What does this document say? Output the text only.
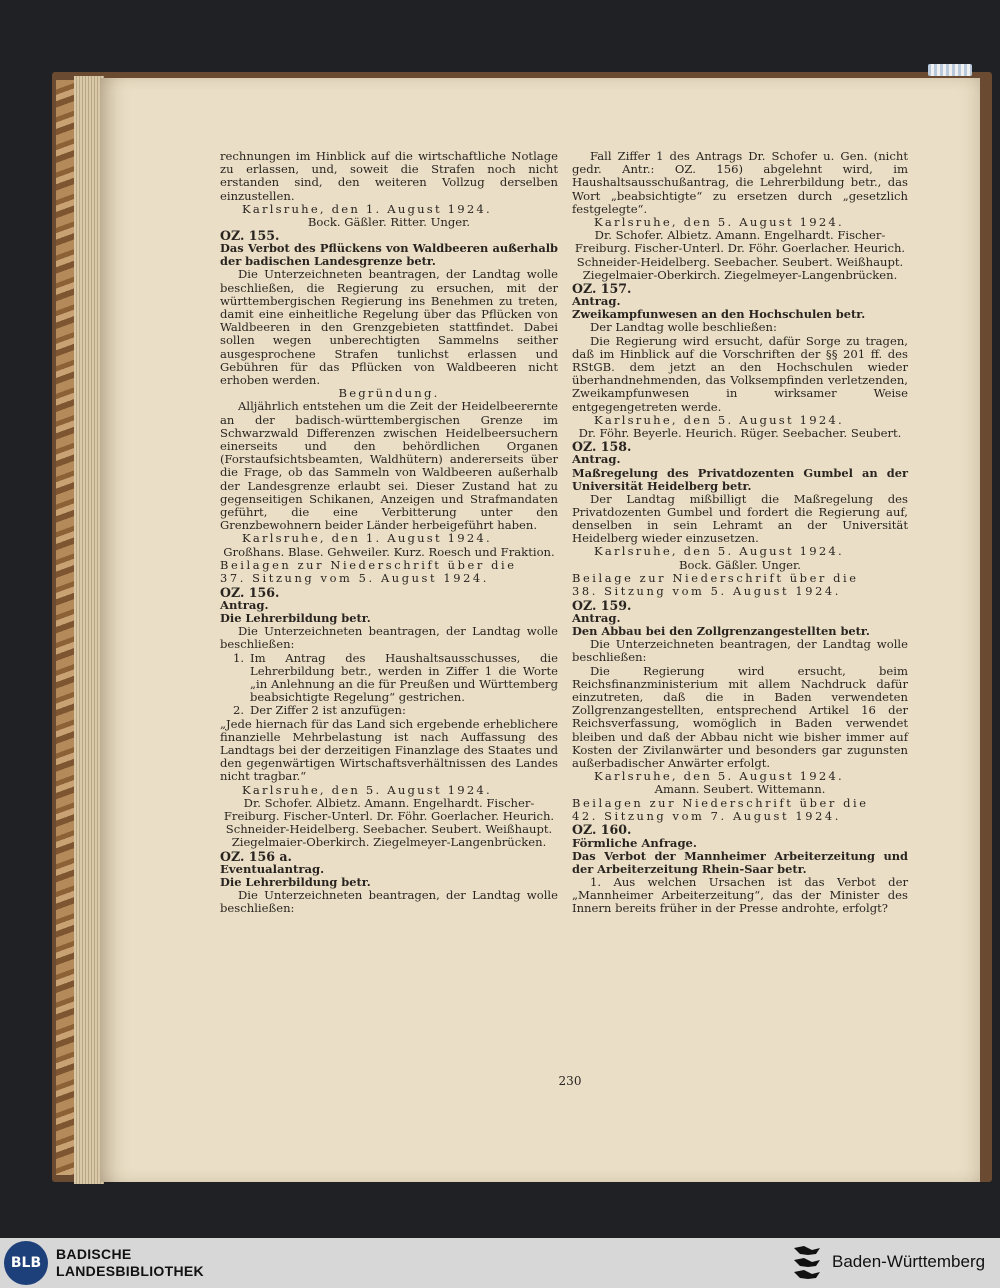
rechnungen im Hinblick auf die wirtschaftliche Notlage zu erlassen, und, soweit die Strafen noch nicht erstanden sind, den weiteren Vollzug derselben einzustellen.

Karlsruhe, den 1. August 1924.

Bock. Gäßler. Ritter. Unger.

OZ. 155.

Das Verbot des Pflückens von Waldbeeren außerhalb der badischen Landesgrenze betr.

Die Unterzeichneten beantragen, der Landtag wolle beschließen, die Regierung zu ersuchen, mit der württembergischen Regierung ins Benehmen zu treten, damit eine einheitliche Regelung über das Pflücken von Waldbeeren in den Grenzgebieten stattfindet. Dabei sollen wegen unberechtigten Sammelns seither ausgesprochene Strafen tunlichst erlassen und Gebühren für das Pflücken von Waldbeeren nicht erhoben werden.

Begründung.

Alljährlich entstehen um die Zeit der Heidelbeerernte an der badisch-württembergischen Grenze im Schwarzwald Differenzen zwischen Heidelbeersuchern einerseits und den behördlichen Organen (Forstaufsichtsbeamten, Waldhütern) andererseits über die Frage, ob das Sammeln von Waldbeeren außerhalb der Landesgrenze erlaubt sei. Dieser Zustand hat zu gegenseitigen Schikanen, Anzeigen und Strafmandaten geführt, die eine Verbitterung unter den Grenzbewohnern beider Länder herbeigeführt haben.

Karlsruhe, den 1. August 1924.

Großhans. Blase. Gehweiler. Kurz. Roesch und Fraktion.

Beilagen zur Niederschrift über die
37. Sitzung vom 5. August 1924.

OZ. 156.

Antrag.

Die Lehrerbildung betr.

Die Unterzeichneten beantragen, der Landtag wolle beschließen:

1. Im Antrag des Haushaltsausschusses, die Lehrerbildung betr., werden in Ziffer 1 die Worte „in Anlehnung an die für Preußen und Württemberg beabsichtigte Regelung“ gestrichen.
2. Der Ziffer 2 ist anzufügen:

„Jede hiernach für das Land sich ergebende erheblichere finanzielle Mehrbelastung ist nach Auffassung des Landtags bei der derzeitigen Finanzlage des Staates und den gegenwärtigen Wirtschaftsverhältnissen des Landes nicht tragbar.“

Karlsruhe, den 5. August 1924.

Dr. Schofer. Albietz. Amann. Engelhardt. Fischer-Freiburg. Fischer-Unterl. Dr. Föhr. Goerlacher. Heurich. Schneider-Heidelberg. Seebacher. Seubert. Weißhaupt. Ziegelmaier-Oberkirch. Ziegelmeyer-Langenbrücken.

OZ. 156 a.

Eventualantrag.

Die Lehrerbildung betr.

Die Unterzeichneten beantragen, der Landtag wolle beschließen:

Fall Ziffer 1 des Antrags Dr. Schofer u. Gen. (nicht gedr. Antr.: OZ. 156) abgelehnt wird, im Haushaltsausschußantrag, die Lehrerbildung betr., das Wort „beabsichtigte“ zu ersetzen durch „gesetzlich festgelegte“.

Karlsruhe, den 5. August 1924.

Dr. Schofer. Albietz. Amann. Engelhardt. Fischer-Freiburg. Fischer-Unterl. Dr. Föhr. Goerlacher. Heurich. Schneider-Heidelberg. Seebacher. Seubert. Weißhaupt. Ziegelmaier-Oberkirch. Ziegelmeyer-Langenbrücken.

OZ. 157.

Antrag.

Zweikampfunwesen an den Hochschulen betr.

Der Landtag wolle beschließen:

Die Regierung wird ersucht, dafür Sorge zu tragen, daß im Hinblick auf die Vorschriften der §§ 201 ff. des RStGB. dem jetzt an den Hochschulen wieder überhandnehmenden, das Volksempfinden verletzenden, Zweikampfunwesen in wirksamer Weise entgegengetreten werde.

Karlsruhe, den 5. August 1924.

Dr. Föhr. Beyerle. Heurich. Rüger. Seebacher. Seubert.

OZ. 158.

Antrag.

Maßregelung des Privatdozenten Gumbel an der Universität Heidelberg betr.

Der Landtag mißbilligt die Maßregelung des Privatdozenten Gumbel und fordert die Regierung auf, denselben in sein Lehramt an der Universität Heidelberg wieder einzusetzen.

Karlsruhe, den 5. August 1924.

Bock. Gäßler. Unger.

Beilage zur Niederschrift über die
38. Sitzung vom 5. August 1924.

OZ. 159.

Antrag.

Den Abbau bei den Zollgrenzangestellten betr.

Die Unterzeichneten beantragen, der Landtag wolle beschließen:

Die Regierung wird ersucht, beim Reichsfinanzministerium mit allem Nachdruck dafür einzutreten, daß die in Baden verwendeten Zollgrenzangestellten, entsprechend Artikel 16 der Reichsverfassung, womöglich in Baden verwendet bleiben und daß der Abbau nicht wie bisher immer auf Kosten der Zivilanwärter und besonders gar zugunsten außerbadischer Anwärter erfolgt.

Karlsruhe, den 5. August 1924.

Amann. Seubert. Wittemann.

Beilagen zur Niederschrift über die
42. Sitzung vom 7. August 1924.

OZ. 160.

Förmliche Anfrage.

Das Verbot der Mannheimer Arbeiterzeitung und der Arbeiterzeitung Rhein-Saar betr.

1. Aus welchen Ursachen ist das Verbot der „Mannheimer Arbeiterzeitung“, das der Minister des Innern bereits früher in der Presse androhte, erfolgt?

230
BLB
BADISCHE
LANDESBIBLIOTHEK	Baden-Württemberg
